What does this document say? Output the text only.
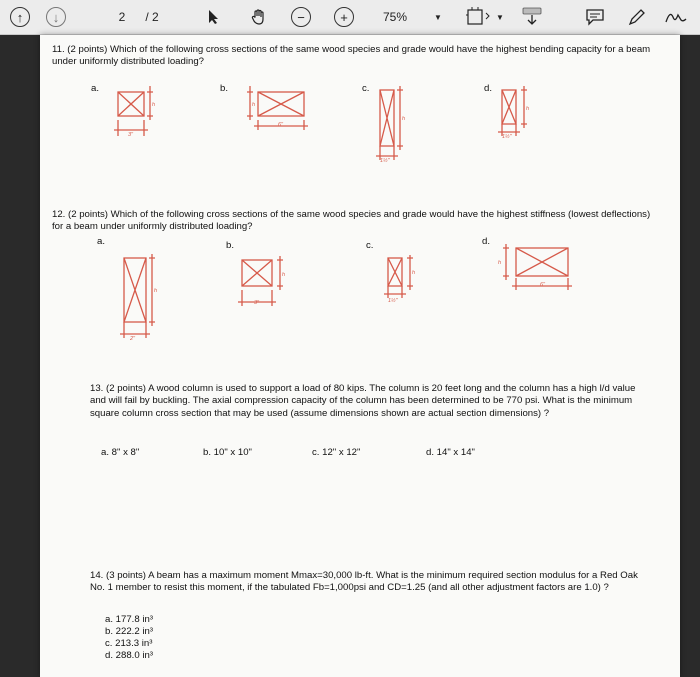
↑	↓	2	/ 2	−	+	75%	▼	▼
11. (2 points) Which of the following cross sections of the same wood species and grade would have the highest bending capacity for a beam under uniformly distributed loading?
a.	b.	c.	d.
h
3"
h
6"
h
1½"
h
1½"
12. (2 points) Which of the following cross sections of the same wood species and grade would have the highest stiffness (lowest deflections) for a beam under uniformly distributed loading?
a.	b.	c.	d.
h
2"
h
3"
h
1½"
h
6"
13. (2 points) A wood column is used to support a load of 80 kips. The column is 20 feet long and the column has a high l/d value and will fail by buckling. The axial compression capacity of the column has been determined to be 770 psi. What is the minimum square column cross section that may be used (assume dimensions shown are actual section dimensions) ?
a. 8" x 8"	b. 10" x 10"	c. 12" x 12"	d. 14" x 14"
14. (3 points) A beam has a maximum moment Mmax=30,000 lb-ft. What is the minimum required section modulus for a Red Oak No. 1 member to resist this moment, if the tabulated Fb=1,000psi and CD=1.25 (and all other adjustment factors are 1.0) ?
a. 177.8 in³
b. 222.2 in³
c. 213.3 in³
d. 288.0 in³
